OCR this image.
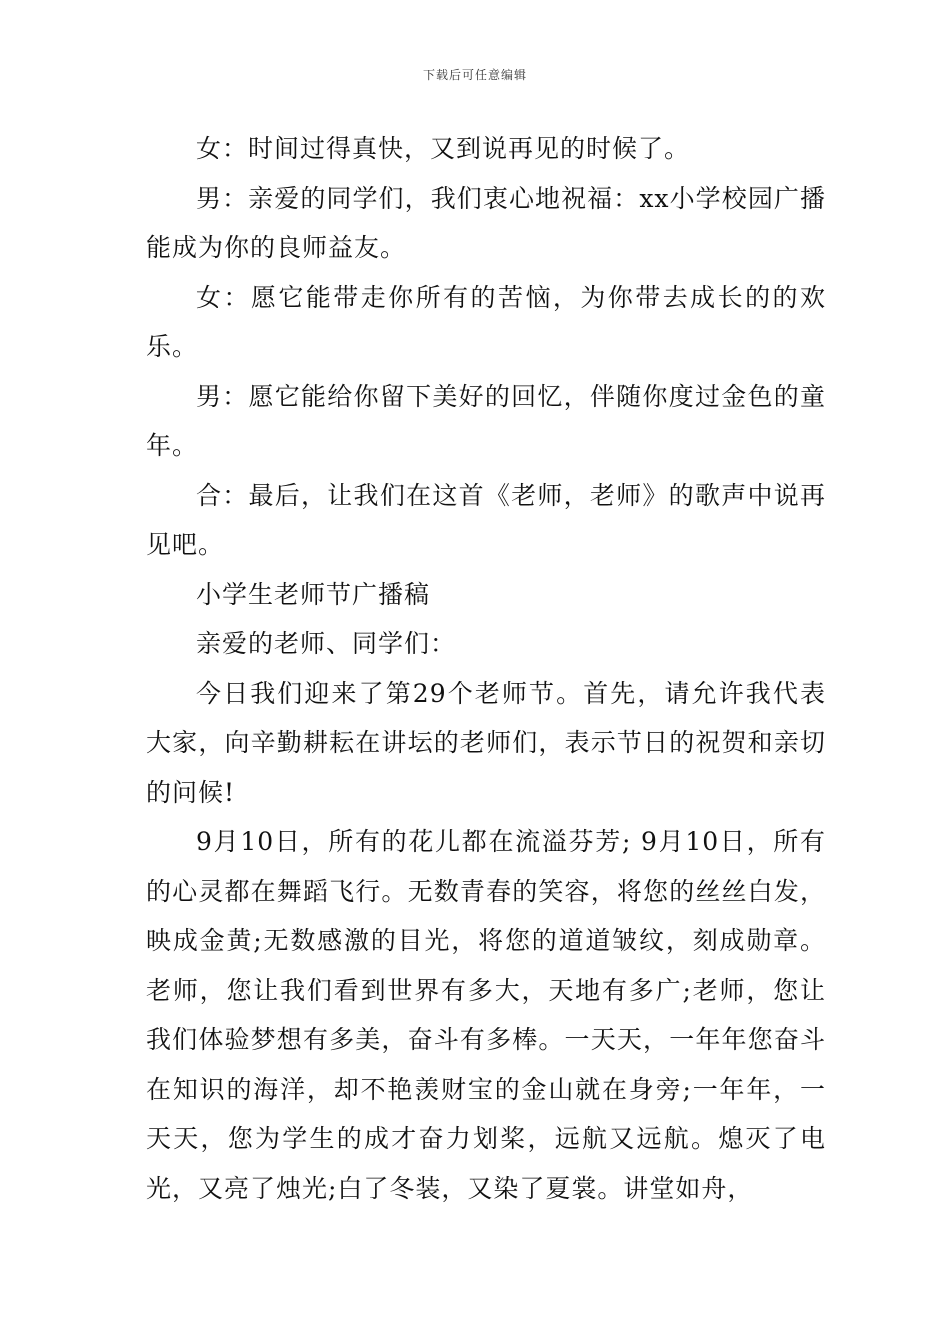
下载后可任意编辑

女：时间过得真快，又到说再见的时候了。

男：亲爱的同学们，我们衷心地祝福：xx小学校园广播能成为你的良师益友。

女：愿它能带走你所有的苦恼，为你带去成长的的欢乐。

男：愿它能给你留下美好的回忆，伴随你度过金色的童年。

合：最后，让我们在这首《老师，老师》的歌声中说再见吧。

小学生老师节广播稿

亲爱的老师、同学们：

今日我们迎来了第29个老师节。首先，请允许我代表大家，向辛勤耕耘在讲坛的老师们，表示节日的祝贺和亲切的问候!

9月10日，所有的花儿都在流溢芬芳; 9月10日，所有的心灵都在舞蹈飞行。无数青春的笑容，将您的丝丝白发，映成金黄;无数感激的目光，将您的道道皱纹，刻成勋章。老师，您让我们看到世界有多大，天地有多广;老师，您让我们体验梦想有多美，奋斗有多棒。一天天，一年年您奋斗在知识的海洋，却不艳羡财宝的金山就在身旁;一年年，一天天，您为学生的成才奋力划桨，远航又远航。熄灭了电光，又亮了烛光;白了冬装，又染了夏裳。讲堂如舟，
